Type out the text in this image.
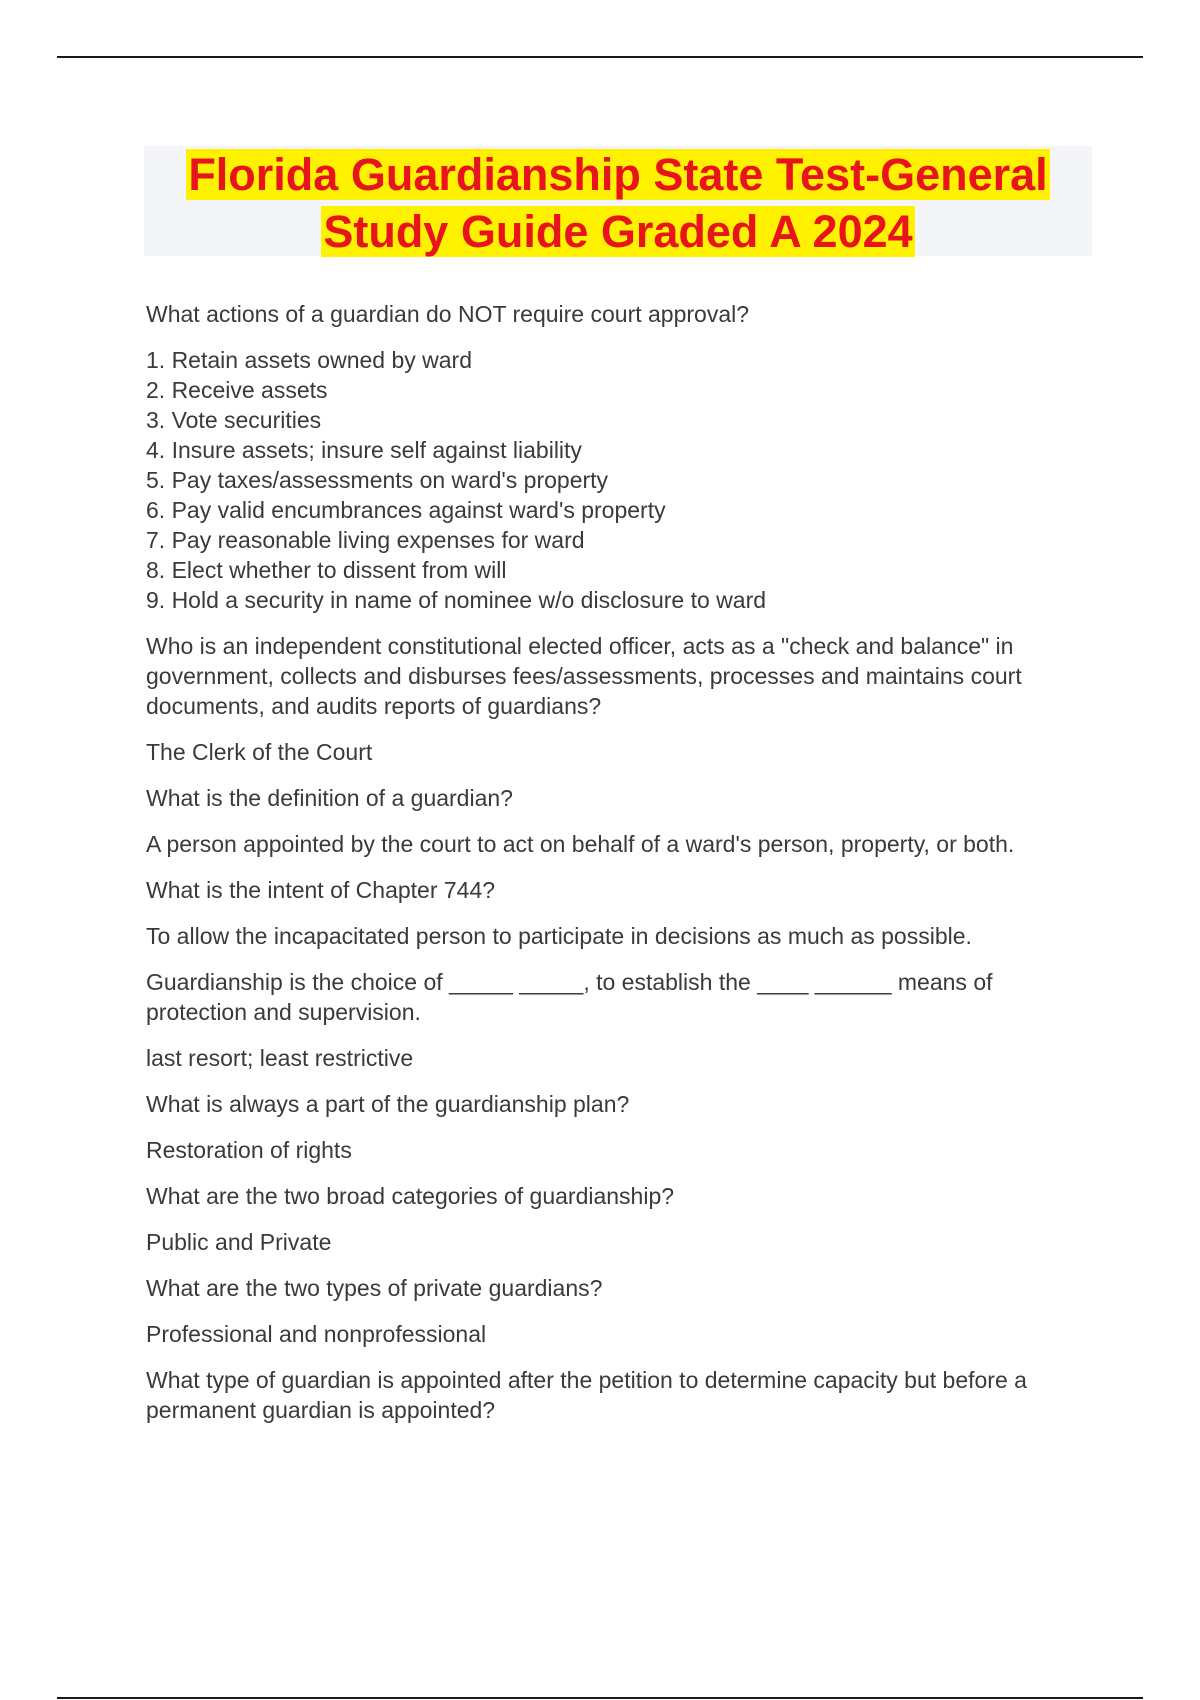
Florida Guardianship State Test-General
Study Guide Graded A 2024

What actions of a guardian do NOT require court approval?

1. Retain assets owned by ward
2. Receive assets
3. Vote securities
4. Insure assets; insure self against liability
5. Pay taxes/assessments on ward's property
6. Pay valid encumbrances against ward's property
7. Pay reasonable living expenses for ward
8. Elect whether to dissent from will
9. Hold a security in name of nominee w/o disclosure to ward

Who is an independent constitutional elected officer, acts as a "check and balance" in government, collects and disburses fees/assessments, processes and maintains court documents, and audits reports of guardians?

The Clerk of the Court

What is the definition of a guardian?

A person appointed by the court to act on behalf of a ward's person, property, or both.

What is the intent of Chapter 744?

To allow the incapacitated person to participate in decisions as much as possible.

Guardianship is the choice of _____ _____, to establish the ____ ______ means of protection and supervision.

last resort; least restrictive

What is always a part of the guardianship plan?

Restoration of rights

What are the two broad categories of guardianship?

Public and Private

What are the two types of private guardians?

Professional and nonprofessional

What type of guardian is appointed after the petition to determine capacity but before a permanent guardian is appointed?
